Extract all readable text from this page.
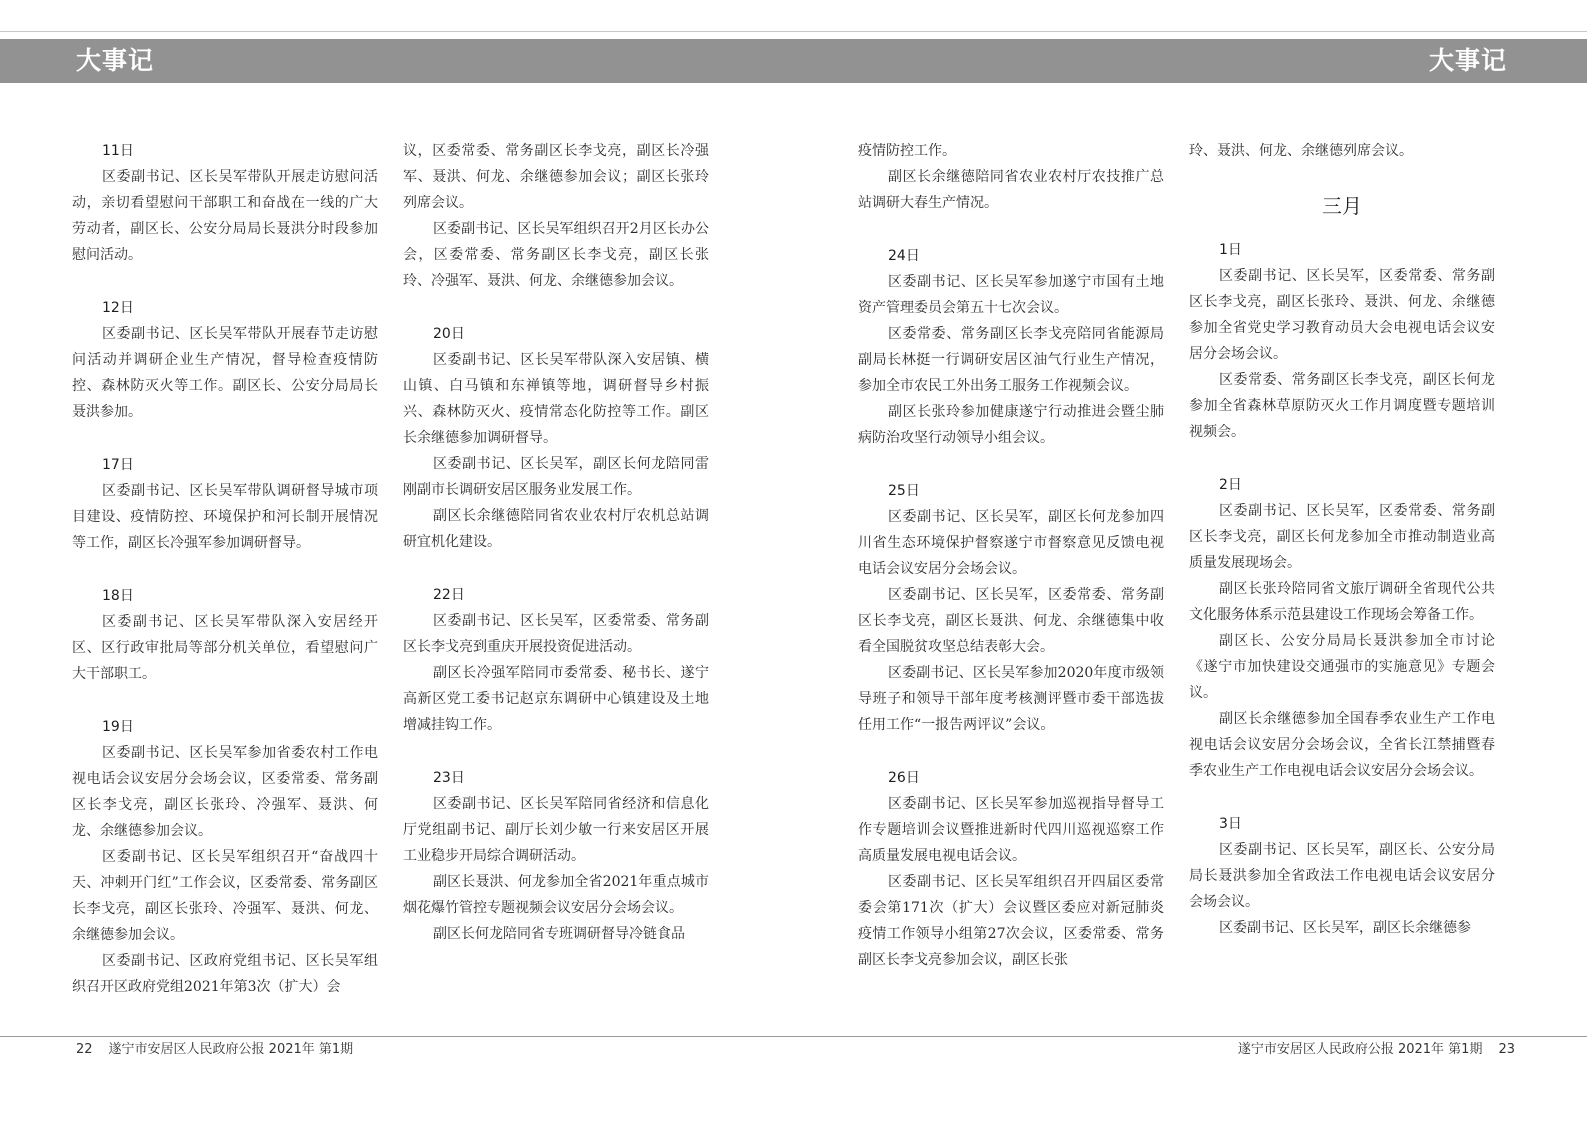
大事记	大事记
11日

区委副书记、区长吴军带队开展走访慰问活动，亲切看望慰问干部职工和奋战在一线的广大劳动者，副区长、公安分局局长聂洪分时段参加慰问活动。

12日

区委副书记、区长吴军带队开展春节走访慰问活动并调研企业生产情况，督导检查疫情防控、森林防灭火等工作。副区长、公安分局局长聂洪参加。

17日

区委副书记、区长吴军带队调研督导城市项目建设、疫情防控、环境保护和河长制开展情况等工作，副区长冷强军参加调研督导。

18日

区委副书记、区长吴军带队深入安居经开区、区行政审批局等部分机关单位，看望慰问广大干部职工。

19日

区委副书记、区长吴军参加省委农村工作电视电话会议安居分会场会议，区委常委、常务副区长李戈亮，副区长张玲、冷强军、聂洪、何龙、余继德参加会议。

区委副书记、区长吴军组织召开“奋战四十天、冲刺开门红”工作会议，区委常委、常务副区长李戈亮，副区长张玲、冷强军、聂洪、何龙、余继德参加会议。

区委副书记、区政府党组书记、区长吴军组织召开区政府党组2021年第3次（扩大）会

议，区委常委、常务副区长李戈亮，副区长冷强军、聂洪、何龙、余继德参加会议；副区长张玲列席会议。

区委副书记、区长吴军组织召开2月区长办公会，区委常委、常务副区长李戈亮，副区长张玲、冷强军、聂洪、何龙、余继德参加会议。

20日

区委副书记、区长吴军带队深入安居镇、横山镇、白马镇和东禅镇等地，调研督导乡村振兴、森林防灭火、疫情常态化防控等工作。副区长余继德参加调研督导。

区委副书记、区长吴军，副区长何龙陪同雷刚副市长调研安居区服务业发展工作。

副区长余继德陪同省农业农村厅农机总站调研宜机化建设。

22日

区委副书记、区长吴军，区委常委、常务副区长李戈亮到重庆开展投资促进活动。

副区长冷强军陪同市委常委、秘书长、遂宁高新区党工委书记赵京东调研中心镇建设及土地增减挂钩工作。

23日

区委副书记、区长吴军陪同省经济和信息化厅党组副书记、副厅长刘少敏一行来安居区开展工业稳步开局综合调研活动。

副区长聂洪、何龙参加全省2021年重点城市烟花爆竹管控专题视频会议安居分会场会议。

副区长何龙陪同省专班调研督导冷链食品

疫情防控工作。

副区长余继德陪同省农业农村厅农技推广总站调研大春生产情况。

24日

区委副书记、区长吴军参加遂宁市国有土地资产管理委员会第五十七次会议。

区委常委、常务副区长李戈亮陪同省能源局副局长林挺一行调研安居区油气行业生产情况，参加全市农民工外出务工服务工作视频会议。

副区长张玲参加健康遂宁行动推进会暨尘肺病防治攻坚行动领导小组会议。

25日

区委副书记、区长吴军，副区长何龙参加四川省生态环境保护督察遂宁市督察意见反馈电视电话会议安居分会场会议。

区委副书记、区长吴军，区委常委、常务副区长李戈亮，副区长聂洪、何龙、余继德集中收看全国脱贫攻坚总结表彰大会。

区委副书记、区长吴军参加2020年度市级领导班子和领导干部年度考核测评暨市委干部选拔任用工作“一报告两评议”会议。

26日

区委副书记、区长吴军参加巡视指导督导工作专题培训会议暨推进新时代四川巡视巡察工作高质量发展电视电话会议。

区委副书记、区长吴军组织召开四届区委常委会第171次（扩大）会议暨区委应对新冠肺炎疫情工作领导小组第27次会议，区委常委、常务副区长李戈亮参加会议，副区长张

玲、聂洪、何龙、余继德列席会议。

三月
1日

区委副书记、区长吴军，区委常委、常务副区长李戈亮，副区长张玲、聂洪、何龙、余继德参加全省党史学习教育动员大会电视电话会议安居分会场会议。

区委常委、常务副区长李戈亮，副区长何龙参加全省森林草原防灭火工作月调度暨专题培训视频会。

2日

区委副书记、区长吴军，区委常委、常务副区长李戈亮，副区长何龙参加全市推动制造业高质量发展现场会。

副区长张玲陪同省文旅厅调研全省现代公共文化服务体系示范县建设工作现场会筹备工作。

副区长、公安分局局长聂洪参加全市讨论《遂宁市加快建设交通强市的实施意见》专题会议。

副区长余继德参加全国春季农业生产工作电视电话会议安居分会场会议，全省长江禁捕暨春季农业生产工作电视电话会议安居分会场会议。

3日

区委副书记、区长吴军，副区长、公安分局局长聂洪参加全省政法工作电视电话会议安居分会场会议。

区委副书记、区长吴军，副区长余继德参

22 遂宁市安居区人民政府公报 2021年 第1期	遂宁市安居区人民政府公报 2021年 第1期 23
